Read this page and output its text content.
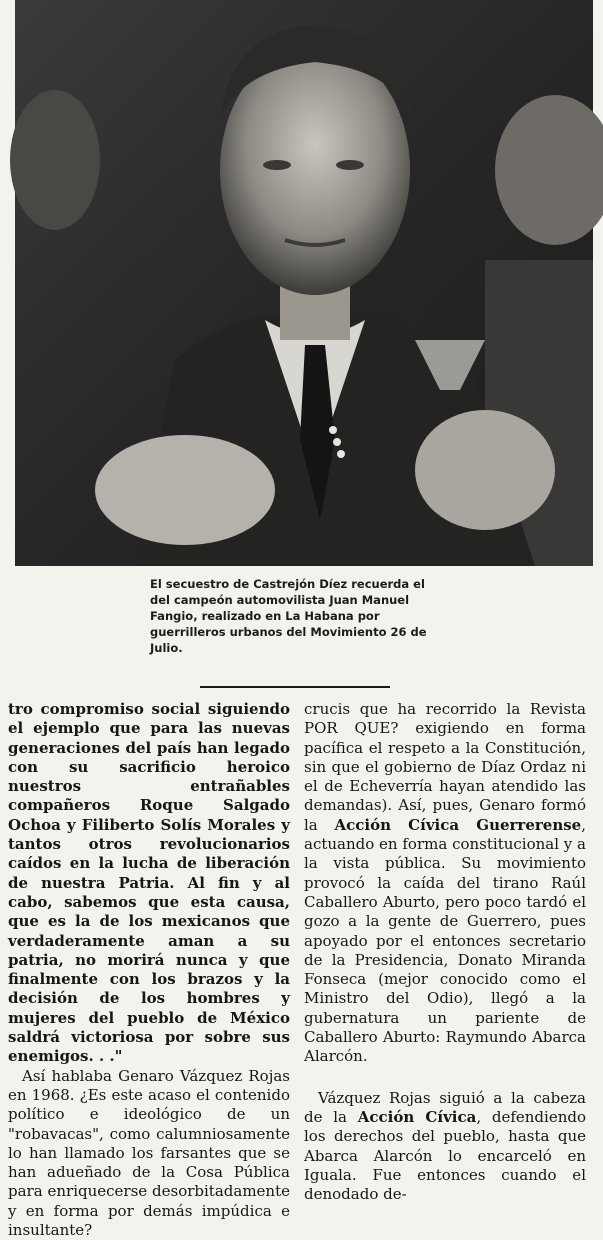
El secuestro de Castrejón Díez recuerda el del campeón automovilista Juan Manuel Fangio, realizado en La Habana por guerrilleros urbanos del Movimiento 26 de Julio.

tro compromiso social siguiendo el ejemplo que para las nuevas generaciones del país han legado con su sacrificio heroico nuestros entrañables compañeros Roque Salgado Ochoa y Filiberto Solís Morales y tantos otros revolucionarios caídos en la lucha de liberación de nuestra Patria. Al fin y al cabo, sabemos que esta causa, que es la de los mexicanos que verdaderamente aman a su patria, no morirá nunca y que finalmente con los brazos y la decisión de los hombres y mujeres del pueblo de México saldrá victoriosa por sobre sus enemigos. . ."

Así hablaba Genaro Vázquez Rojas en 1968. ¿Es este acaso el contenido político e ideológico de un "robavacas", como calumniosamente lo han llamado los farsantes que se han adueñado de la Cosa Pública para enriquecerse desorbitadamente y en forma por demás impúdica e insultante?

crucis que ha recorrido la Revista POR QUE? exigiendo en forma pacífica el respeto a la Constitución, sin que el gobierno de Díaz Ordaz ni el de Echeverría hayan atendido las demandas). Así, pues, Genaro formó la Acción Cívica Guerrerense, actuando en forma constitucional y a la vista pública. Su movimiento provocó la caída del tirano Raúl Caballero Aburto, pero poco tardó el gozo a la gente de Guerrero, pues apoyado por el entonces secretario de la Presidencia, Donato Miranda Fonseca (mejor conocido como el Ministro del Odio), llegó a la gubernatura un pariente de Caballero Aburto: Raymundo Abarca Alarcón.

Vázquez Rojas siguió a la cabeza de la Acción Cívica, defendiendo los derechos del pueblo, hasta que Abarca Alarcón lo encarceló en Iguala. Fue entonces cuando el denodado de-
